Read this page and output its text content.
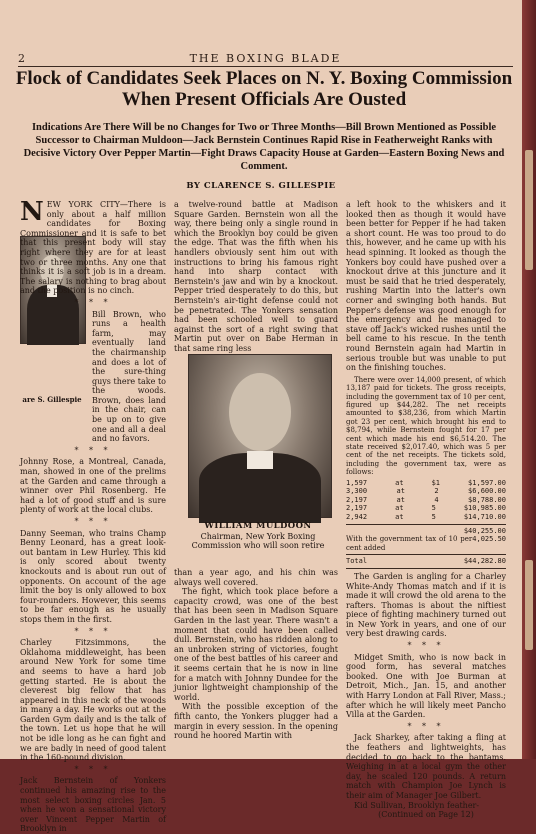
2	THE BOXING BLADE
Flock of Candidates Seek Places on N. Y. Boxing Commission When Present Officials Are Ousted

Indications Are There Will be no Changes for Two or Three Months—Bill Brown Mentioned as Possible Successor to Chairman Muldoon—Jack Bernstein Continues Rapid Rise in Featherweight Ranks with Decisive Victory Over Pepper Martin—Fight Draws Capacity House at Garden—Eastern Boxing News and Comment.

BY CLARENCE S. GILLESPIE
are S. Gillespie

N EW YORK CITY—There is only about a half million candidates for Boxing Commissioner and it is safe to bet that this present body will stay right where they are for at least two or three months. Any one that thinks it is a soft job is in a dream. The salary is nothing to brag about and the position is no cinch.

* * *

Bill Brown, who runs a health farm, may eventually land the chairmanship and does a lot of the sure-thing guys there take to the woods. Brown, does land in the chair, can be up on to give one and all a deal and no favors.

* * *

Johnny Rose, a Montreal, Canada, man, showed in one of the prelims at the Garden and came through a winner over Phil Rosenberg. He had a lot of good stuff and is sure plenty of work at the local clubs.

* * *

Danny Seeman, who trains Champ Benny Leonard, has a great look-out bantam in Lew Hurley. This kid is only scored about twenty knockouts and is about run out of opponents. On account of the age limit the boy is only allowed to box four-rounders. However, this seems to be far enough as he usually stops them in the first.

* * *

Charley Fitzsimmons, the Oklahoma middleweight, has been around New York for some time and seems to have a hard job getting started. He is about the cleverest big fellow that has appeared in this neck of the woods in many a day. He works out at the Garden Gym daily and is the talk of the town. Let us hope that he will not be idle long as he can fight and we are badly in need of good talent in the 160-pound division.

* * *

Jack Bernstein of Yonkers continued his amazing rise to the most select boxing circles Jan. 5 when he won a sensational victory over Vincent Pepper Martin of Brooklyn in

a twelve-round battle at Madison Square Garden. Bernstein won all the way, there being only a single round in which the Brooklyn boy could be given the edge. That was the fifth when his handlers obviously sent him out with instructions to bring his famous right hand into sharp contact with Bernstein's jaw and win by a knockout. Pepper tried desperately to do this, but Bernstein's air-tight defense could not be penetrated. The Yonkers sensation had been schooled well to guard against the sort of a right swing that Martin put over on Babe Herman in that same ring less

WILLIAM MULDOON
Chairman, New York Boxing Commission who will soon retire

than a year ago, and his chin was always well covered.

The fight, which took place before a capacity crowd, was one of the best that has been seen in Madison Square Garden in the last year. There wasn't a moment that could have been called dull. Bernstein, who has ridden along to an unbroken string of victories, fought one of the best battles of his career and it seems certain that he is now in line for a match with Johnny Dundee for the junior lightweight championship of the world.

With the possible exception of the fifth canto, the Yonkers plugger had a margin in every session. In the opening round he hoored Martin with

a left hook to the whiskers and it looked then as though it would have been better for Pepper if he had taken a short count. He was too proud to do this, however, and he came up with his head spinning. It looked as though the Yonkers boy could have pushed over a knockout drive at this juncture and it must be said that he tried desperately, rushing Martin into the latter's own corner and swinging both hands. But Pepper's defense was good enough for the emergency and he managed to stave off Jack's wicked rushes until the bell came to his rescue. In the tenth round Bernstein again had Martin in serious trouble but was unable to put on the finishing touches.

There were over 14,000 present, of which 13,187 paid for tickets. The gross receipts, including the government tax of 10 per cent, figured up $44,282. The net receipts amounted to $38,236, from which Martin got 23 per cent, which brought his end to $8,794, while Bernstein fought for 17 per cent which made his end $6,514.20. The state received $2,017.40, which was 5 per cent of the net receipts. The tickets sold, including the government tax, were as follows:

1,597	at	$1	$1,597.00
3,300	at	2	$6,600.00
2,197	at	4	$8,788.00
2,197	at	5	$10,985.00
2,942	at	5	$14,710.00
$40,255.00
With the government tax of 10 per cent added
4,025.50
Total	$44,282.80

The Garden is angling for a Charley White-Andy Thomas match and if it is made it will crowd the old arena to the rafters. Thomas is about the niftiest piece of fighting machinery turned out in New York in years, and one of our very best drawing cards.

* * *

Midget Smith, who is now back in good form, has several matches booked. One with Joe Burman at Detroit, Mich., Jan. 15, and another with Harry London at Fall River, Mass.; after which he will likely meet Pancho Villa at the Garden.

* * *

Jack Sharkey, after taking a fling at the feathers and lightweights, has decided to go back to the bantams. Weighing in at a local gym the other day, he scaled 120 pounds. A return match with Champion Joe Lynch is their aim of Manager Joe Gilbert.

Kid Sullivan, Brooklyn feather-

(Continued on Page 12)
